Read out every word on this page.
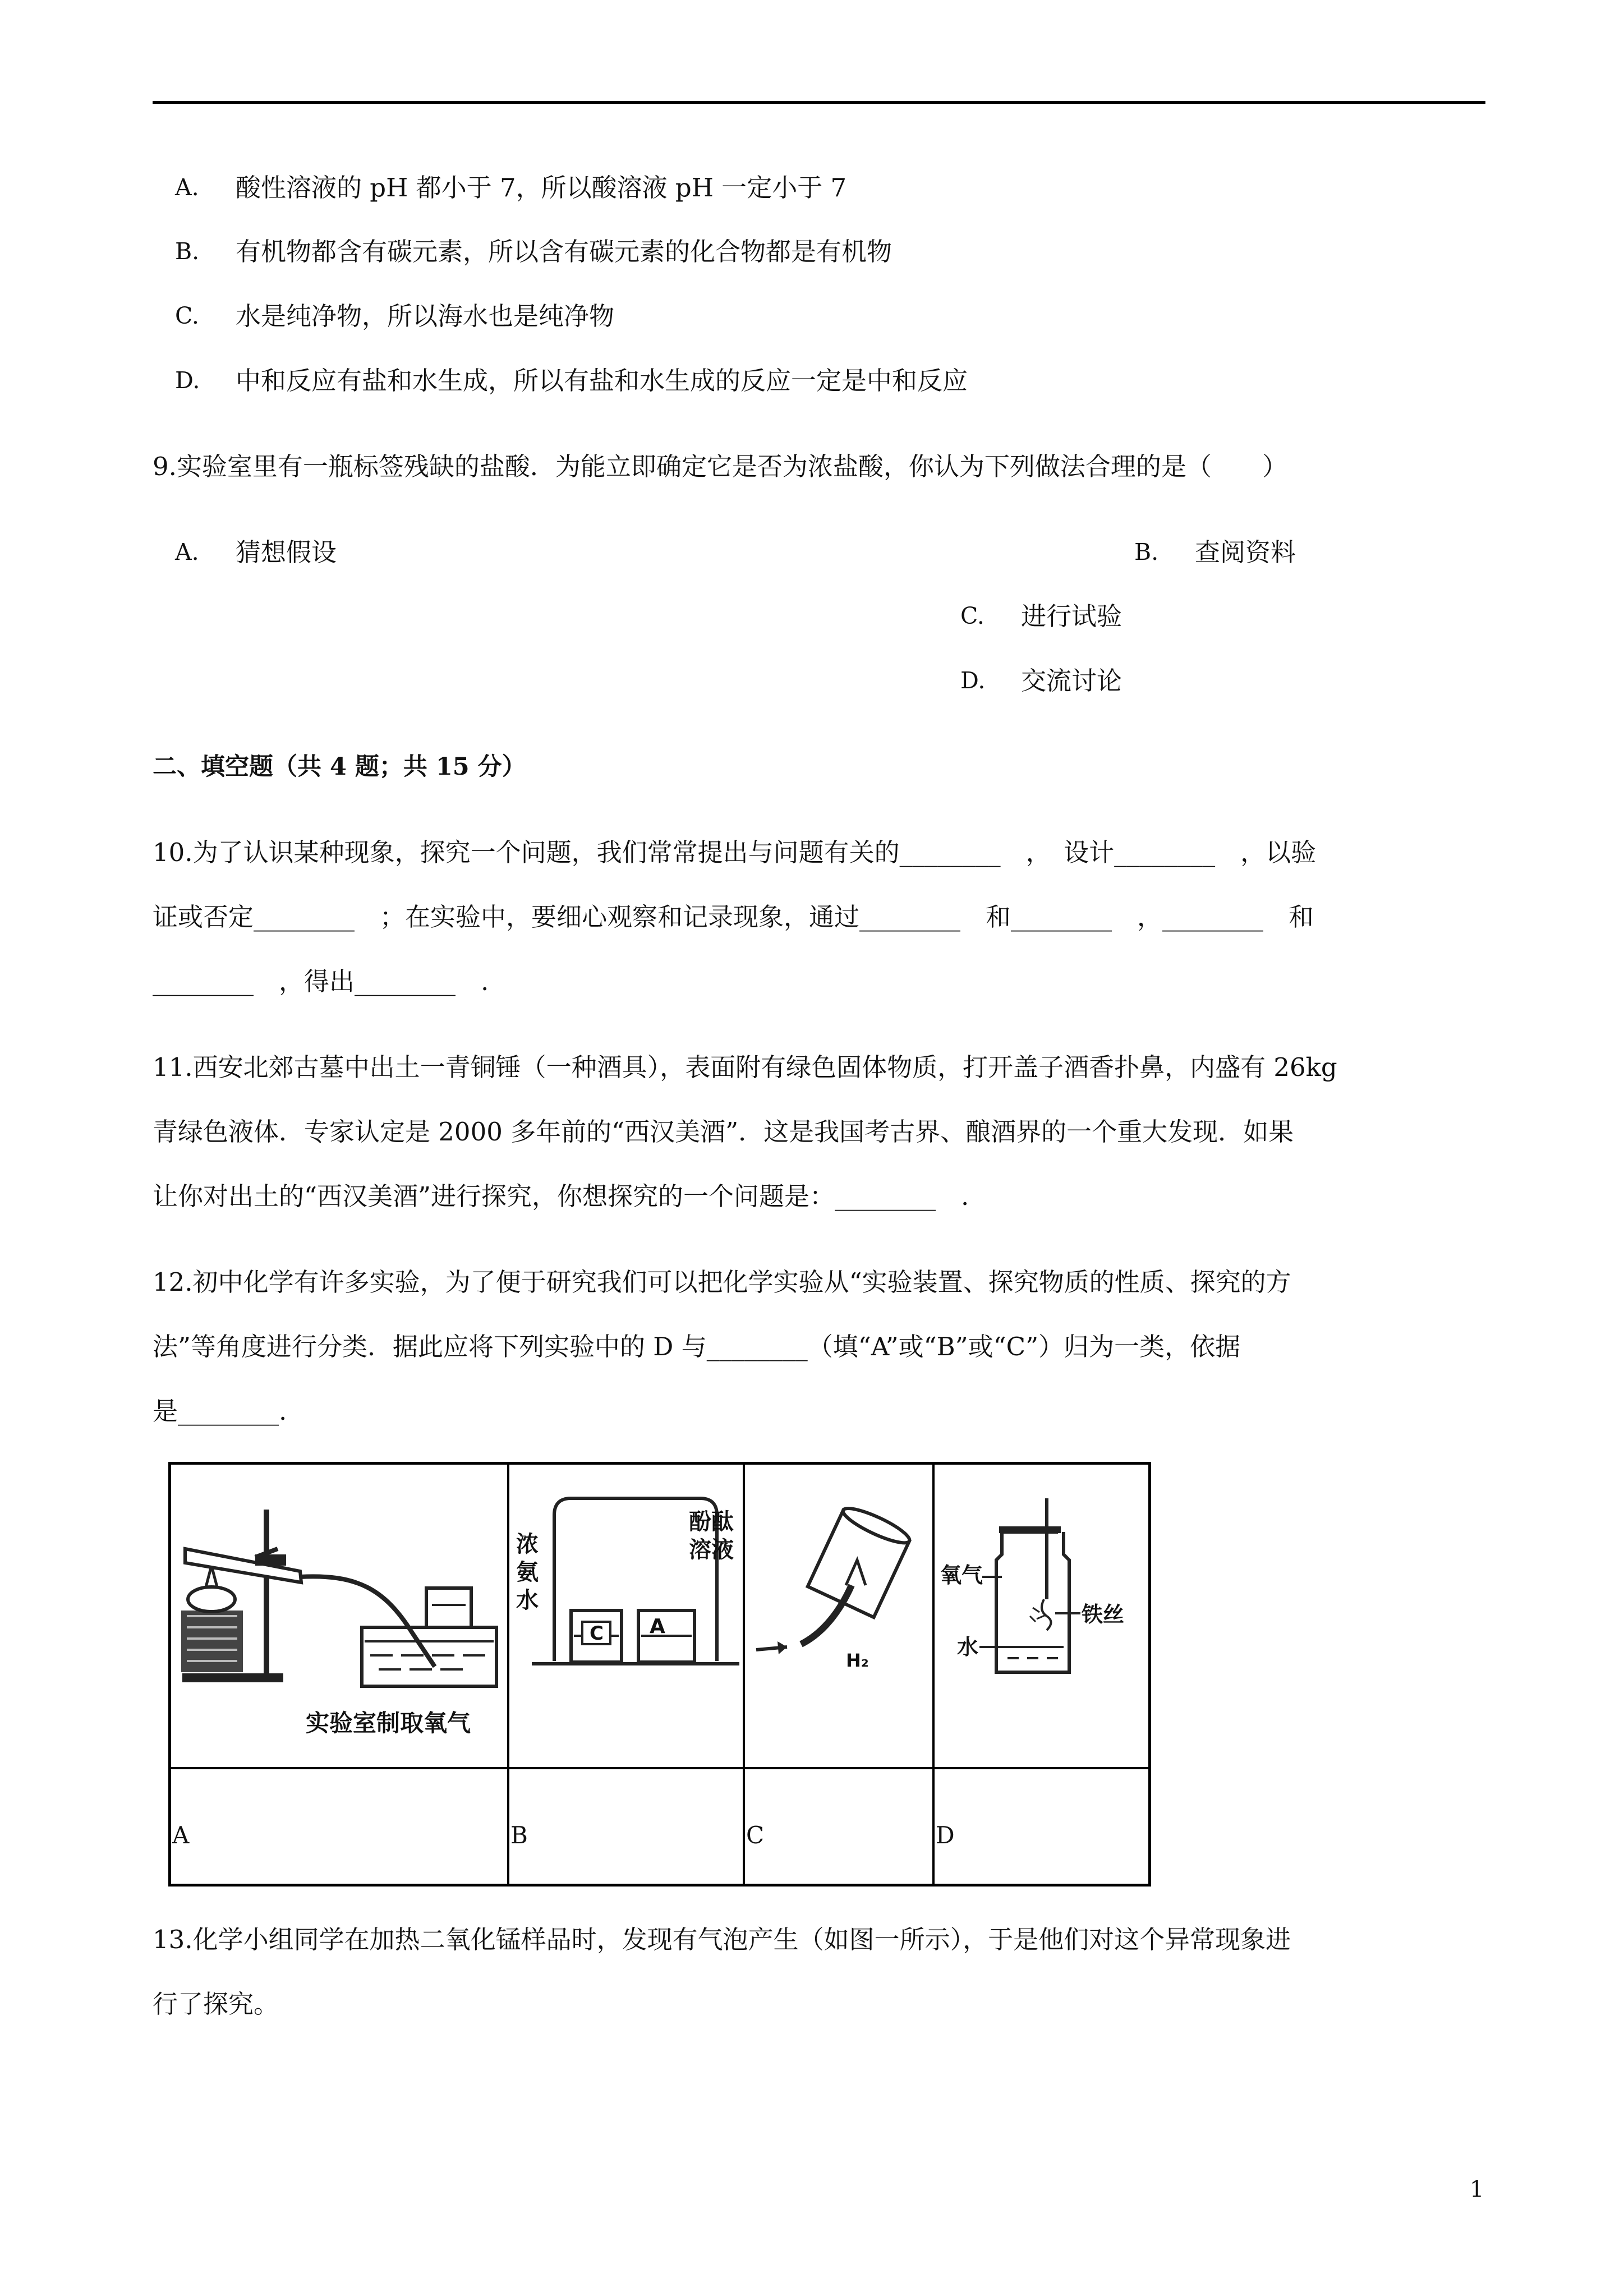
A. 酸性溶液的 pH 都小于 7，所以酸溶液 pH 一定小于 7
B. 有机物都含有碳元素，所以含有碳元素的化合物都是有机物
C. 水是纯净物，所以海水也是纯净物
D. 中和反应有盐和水生成，所以有盐和水生成的反应一定是中和反应
9.实验室里有一瓶标签残缺的盐酸．为能立即确定它是否为浓盐酸，你认为下列做法合理的是（　　）
A. 猜想假设	B. 查阅资料
C. 进行试验
D. 交流讨论
二、填空题（共 4 题；共 15 分）
10.为了认识某种现象，探究一个问题，我们常常提出与问题有关的________　，　设计________　，以验
证或否定________　；在实验中，要细心观察和记录现象，通过________　和________　，________　和
________　，得出________　.
11.西安北郊古墓中出土一青铜锤（一种酒具），表面附有绿色固体物质，打开盖子酒香扑鼻，内盛有 26kg
青绿色液体．专家认定是 2000 多年前的“西汉美酒”．这是我国考古界、酿酒界的一个重大发现．如果
让你对出土的“西汉美酒”进行探究，你想探究的一个问题是：________　.
12.初中化学有许多实验，为了便于研究我们可以把化学实验从“实验装置、探究物质的性质、探究的方
法”等角度进行分类．据此应将下列实验中的 D 与________（填“A”或“B”或“C”）归为一类，依据
是________.
实验室制取氧气
C A
浓
氨
水
酚酞
溶液
H₂
氧气
铁丝
水
A	B	C	D
13.化学小组同学在加热二氧化锰样品时，发现有气泡产生（如图一所示），于是他们对这个异常现象进
行了探究。
1
